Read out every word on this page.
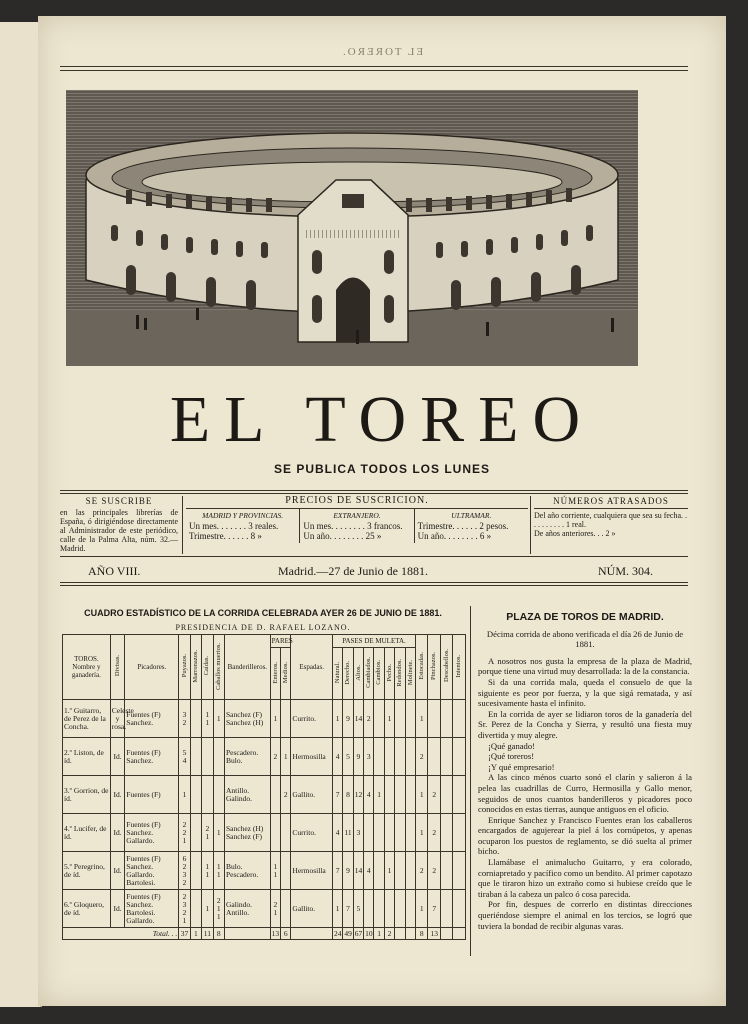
EL TORERO.
EL TOREO
SE PUBLICA TODOS LOS LUNES
SE SUSCRIBE
en las principales librerías de España, ó dirigiéndose directamente al Administrador de este periódico, calle de la Palma Alta, núm. 32.—Madrid.
PRECIOS DE SUSCRICION.
MADRID Y PROVINCIAS.
Un mes. . . . . . . 3 reales.
Trimestre. . . . . . 8 »
EXTRANJERO.
Un mes. . . . . . . . 3 francos.
Un año. . . . . . . . 25 »
ULTRAMAR.
Trimestre. . . . . . 2 pesos.
Un año. . . . . . . . 6 »
NÚMEROS ATRASADOS
Del año corriente, cualquiera que sea su fecha. . . . . . . . . . 1 real.
De años anteriores. . . 2 »
AÑO VIII.	Madrid.—27 de Junio de 1881.	NÚM. 304.
CUADRO ESTADÍSTICO DE LA CORRIDA CELEBRADA AYER 26 DE JUNIO DE 1881.
PRESIDENCIA DE D. RAFAEL LOZANO.
TOROS. Nombre y ganadería.	Divisas.	Picadores.	Puyazos.	Marronazos.	Caídas.	Caballos muertos.	Banderilleros.	PARES		Espadas.	PASES DE MULETA.								Estocadas.	Pinchazos.	Descabellos.	Intentos.
								Enteros.	Medios.		Natural.	Derecho.	Altos.	Cambiados.	Cambios.	Pecho.	Redondos.	Molinete.				
1.º Guitarro, de Perez de la Concha.	Celeste y rosa.	Fuentes (F) Sanchez.	3 2		1 1	1	Sanchez (F) Sanchez (H)	1		Currito.	1	9	14	2		1			1			
2.º Liston, de íd.	Id.	Fuentes (F) Sanchez.	5 4				Pescadero. Bulo.	2	1	Hermosilla	4	5	9	3					2			
3.º Gorrion, de íd.	Id.	Fuentes (F)	1				Antillo. Galindo.		2	Gallito.	7	8	12	4	1				1	2		
4.º Lucifer, de íd.	Id.	Fuentes (F) Sanchez. Gallardo.	2 2 1		2 1	1	Sanchez (H) Sanchez (F)			Currito.	4	11	3						1	2		
5.º Peregrino, de íd.	Id.	Fuentes (F) Sanchez. Gallardo. Bartolesi.	6 2 3 2		1 1	1 1	Bulo. Pescadero.	1 1		Hermosilla	7	9	14	4		1			2	2		
6.º Gloquero, de íd.	Id.	Fuentes (F) Sanchez. Bartolesi. Gallardo.	2 3 2 1		1	2 1 1	Galindo. Antillo.	2 1		Gallito.	1	7	5						1	7		
Total. . .			37	1	11	8		13	6		24	49	67	10	1	2			8	13		
PLAZA DE TOROS DE MADRID.
Décima corrida de abono verificada el día 26 de Junio de 1881.

A nosotros nos gusta la empresa de la plaza de Madrid, porque tiene una virtud muy desarrollada: la de la constancia.

Si da una corrida mala, queda el consuelo de que la siguiente es peor por fuerza, y la que sigá rematada, y así sucesivamente hasta el infinito.

En la corrida de ayer se lidiaron toros de la ganadería del Sr. Perez de la Concha y Sierra, y resultó una fiesta muy divertida y muy alegre.

¡Qué ganado!

¡Qué toreros!

¡Y qué empresario!

A las cinco ménos cuarto sonó el clarín y salieron á la pelea las cuadrillas de Curro, Hermosilla y Gallo menor, seguidos de unos cuantos banderilleros y picadores poco conocidos en estas tierras, aunque antiguos en el oficio.

Enrique Sanchez y Francisco Fuentes eran los caballeros encargados de agujerear la piel á los cornúpetos, y apenas ocuparon los puestos de reglamento, se dió suelta al primer bicho.

Llamábase el animalucho Guitarro, y era colorado, corniapretado y pacífico como un bendito. Al primer capotazo que le tiraron hizo un extraño como si hubiese creído que le tiraban á la cabeza un palco ó cosa parecida.

Por fin, despues de correrlo en distintas direcciones queriéndose siempre el animal en los tercios, se logró que tuviera la bondad de recibir algunas varas.
